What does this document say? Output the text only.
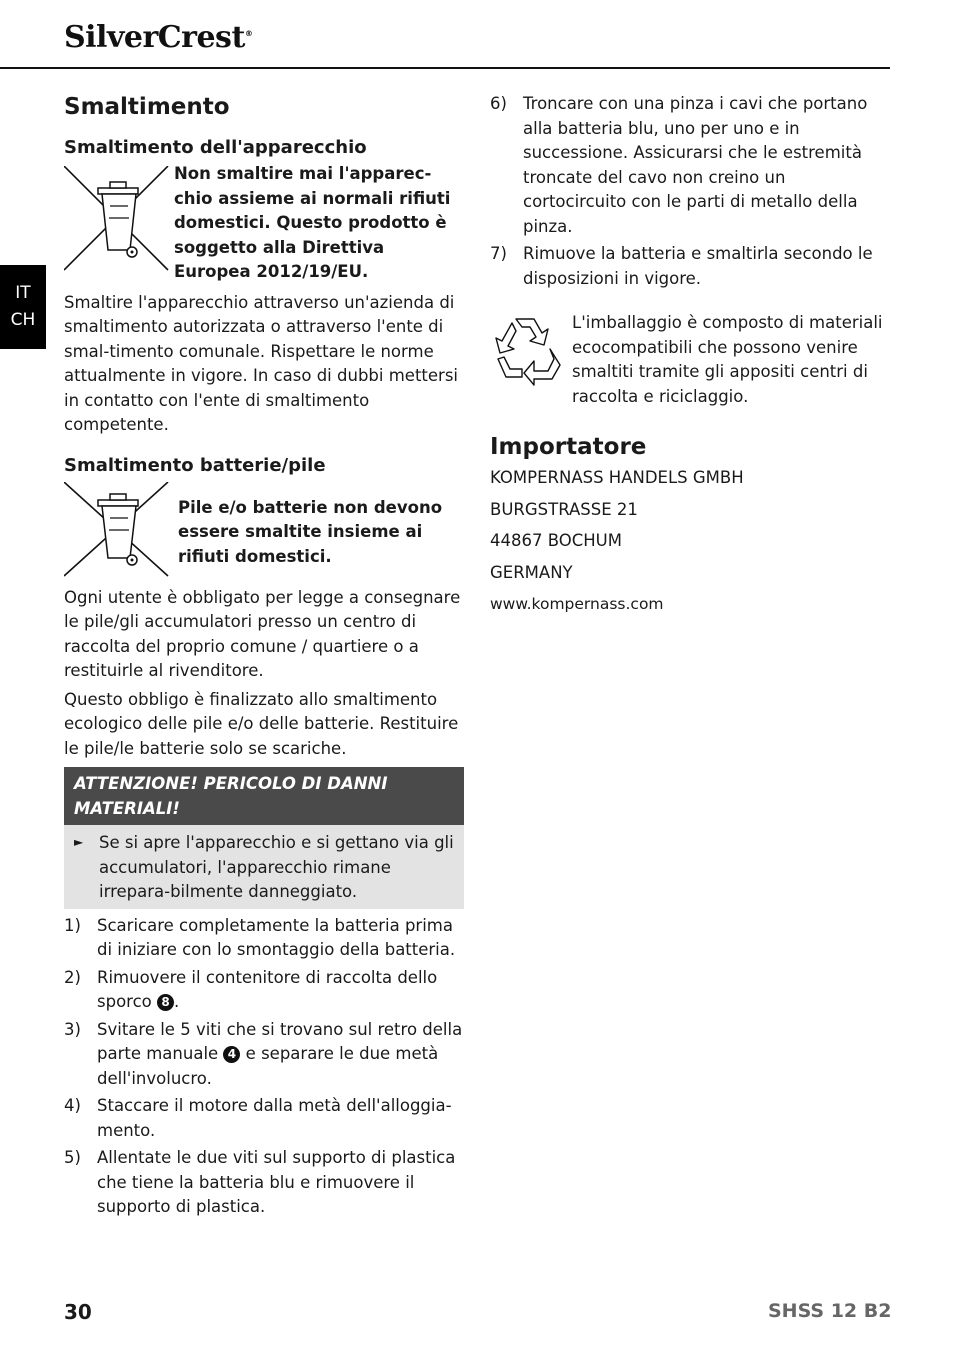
SilverCrest®
IT
CH
Smaltimento
Smaltimento dell'apparecchio
Non smaltire mai l'apparec-chio assieme ai normali rifiuti domestici. Questo prodotto è soggetto alla Direttiva Europea 2012/19/EU.

Smaltire l'apparecchio attraverso un'azienda di smaltimento autorizzata o attraverso l'ente di smal-timento comunale. Rispettare le norme attualmente in vigore. In caso di dubbi mettersi in contatto con l'ente di smaltimento competente.

Smaltimento batterie/pile
Pile e/o batterie non devono essere smaltite insieme ai rifiuti domestici.

Ogni utente è obbligato per legge a consegnare le pile/gli accumulatori presso un centro di raccolta del proprio comune / quartiere o a restituirle al rivenditore.

Questo obbligo è finalizzato allo smaltimento ecologico delle pile e/o delle batterie. Restituire le pile/le batterie solo se scariche.

ATTENZIONE! PERICOLO DI DANNI MATERIALI!
► Se si apre l'apparecchio e si gettano via gli accumulatori, l'apparecchio rimane irrepara-bilmente danneggiato.
1) Scaricare completamente la batteria prima di iniziare con lo smontaggio della batteria.
2) Rimuovere il contenitore di raccolta dello sporco 8 .
3) Svitare le 5 viti che si trovano sul retro della parte manuale 4 e separare le due metà dell'involucro.
4) Staccare il motore dalla metà dell'alloggia-mento.
5) Allentate le due viti sul supporto di plastica che tiene la batteria blu e rimuovere il supporto di plastica.
6) Troncare con una pinza i cavi che portano alla batteria blu, uno per uno e in successione. Assicurarsi che le estremità troncate del cavo non creino un cortocircuito con le parti di metallo della pinza.
7) Rimuove la batteria e smaltirla secondo le disposizioni in vigore.

L'imballaggio è composto di materiali ecocompatibili che possono venire smaltiti tramite gli appositi centri di raccolta e riciclaggio.

Importatore

KOMPERNASS HANDELS GMBH

BURGSTRASSE 21

44867 BOCHUM

GERMANY

www.kompernass.com

30	SHSS 12 B2
